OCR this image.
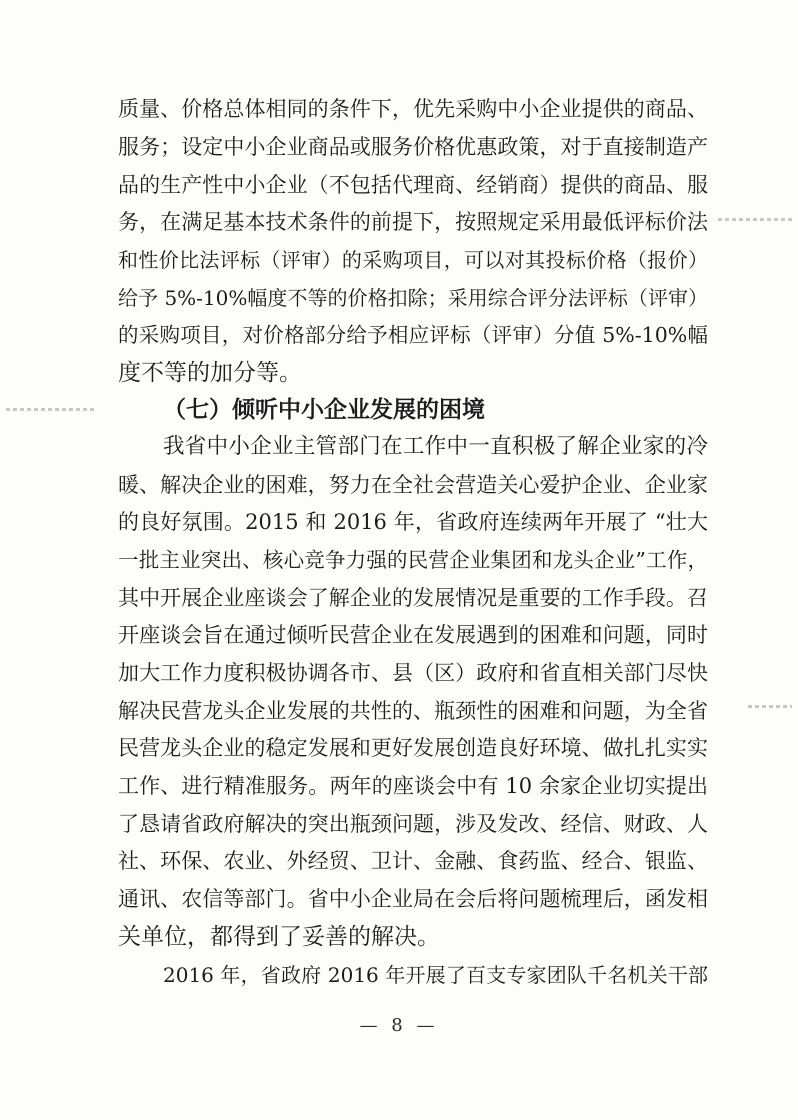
质量、价格总体相同的条件下，优先采购中小企业提供的商品、
服务；设定中小企业商品或服务价格优惠政策，对于直接制造产
品的生产性中小企业（不包括代理商、经销商）提供的商品、服
务，在满足基本技术条件的前提下，按照规定采用最低评标价法
和性价比法评标（评审）的采购项目，可以对其投标价格（报价）
给予 5%-10%幅度不等的价格扣除；采用综合评分法评标（评审）
的采购项目，对价格部分给予相应评标（评审）分值 5%-10%幅
度不等的加分等。
（七）倾听中小企业发展的困境
我省中小企业主管部门在工作中一直积极了解企业家的冷
暖、解决企业的困难，努力在全社会营造关心爱护企业、企业家
的良好氛围。2015 和 2016 年，省政府连续两年开展了 “壮大
一批主业突出、核心竞争力强的民营企业集团和龙头企业”工作，
其中开展企业座谈会了解企业的发展情况是重要的工作手段。召
开座谈会旨在通过倾听民营企业在发展遇到的困难和问题，同时
加大工作力度积极协调各市、县（区）政府和省直相关部门尽快
解决民营龙头企业发展的共性的、瓶颈性的困难和问题，为全省
民营龙头企业的稳定发展和更好发展创造良好环境、做扎扎实实
工作、进行精准服务。两年的座谈会中有 10 余家企业切实提出
了恳请省政府解决的突出瓶颈问题，涉及发改、经信、财政、人
社、环保、农业、外经贸、卫计、金融、食药监、经合、银监、
通讯、农信等部门。省中小企业局在会后将问题梳理后，函发相
关单位，都得到了妥善的解决。
2016 年，省政府 2016 年开展了百支专家团队千名机关干部
— 8 —
